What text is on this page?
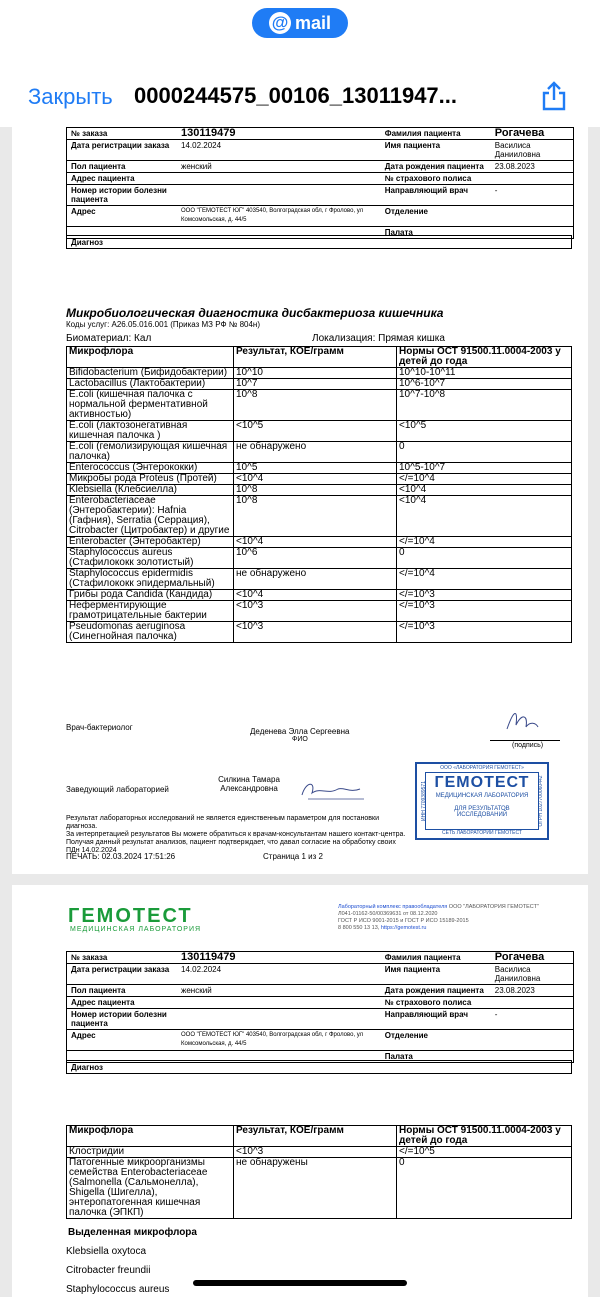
@ mail
Закрыть 0000244575_00106_13011947...
№ заказа	130119479	Фамилия пациента	Рогачева
Дата регистрации заказа	14.02.2024	Имя пациента	Василиса Данииловна
Пол пациента	женский	Дата рождения пациента	23.08.2023
Адрес пациента		№ страхового полиса	
Номер истории болезни пациента		Направляющий врач	-
Адрес	ООО "ГЕМОТЕСТ ЮГ" 403540, Волгоградская обл, г Фролово, ул Комсомольская, д. 44/5	Отделение	
		Палата	
Диагноз
Микробиологическая диагностика дисбактериоза кишечника
Коды услуг: А26.05.016.001 (Приказ МЗ РФ № 804н)
Биоматериал: Кал	Локализация: Прямая кишка
Микрофлора	Результат, КОЕ/грамм	Нормы ОСТ 91500.11.0004-2003 у детей до года
Bifidobacterium (Бифидобактерии)	10^10	10^10-10^11
Lactobacillus (Лактобактерии)	10^7	10^6-10^7
E.coli (кишечная палочка с нормальной ферментативной активностью)	10^8	10^7-10^8
E.coli (лактозонегативная кишечная палочка )	<10^5	<10^5
E.coli (гемолизирующая кишечная палочка)	не обнаружено	0
Enterococcus (Энтерококки)	10^5	10^5-10^7
Микробы рода Proteus (Протей)	<10^4	</=10^4
Klebsiella (Клебсиелла)	10^8	<10^4
Enterobacteriaceae (Энтеробактерии): Hafnia (Гафния), Serratia (Серрация), Citrobacter (Цитробактер) и другие	10^8	<10^4
Enterobacter (Энтеробактер)	<10^4	</=10^4
Staphylococcus aureus (Стафилококк золотистый)	10^6	0
Staphylococcus epidermidis (Стафилококк эпидермальный)	не обнаружено	</=10^4
Грибы рода Candida (Кандида)	<10^4	</=10^3
Неферментирующие грамотрицательные бактерии	<10^3	</=10^3
Pseudomonas aeruginosa (Синегнойная палочка)	<10^3	</=10^3
Врач-бактериолог	Деденева Элла Сергеевна
ФИО
(подпись)
Заведующий лабораторией
Силкина Тамара Александровна
Результат лабораторных исследований не является единственным параметром для постановки диагноза.
За интерпретацией результатов Вы можете обратиться к врачам-консультантам нашего контакт-центра.
Получая данный результат анализов, пациент подтверждает, что давал согласие на обработку своих ПДн 14.02.2024
ПЕЧАТЬ: 02.03.2024 17:51:26	Страница 1 из 2
ООО «ЛАБОРАТОРИЯ ГЕМОТЕСТ»
ГЕМОТЕСТ
МЕДИЦИНСКАЯ ЛАБОРАТОРИЯ
ДЛЯ РЕЗУЛЬТАТОВ ИССЛЕДОВАНИЙ
СЕТЬ ЛАБОРАТОРИЙ ГЕМОТЕСТ
ИНН 7709389571	ОГРН 1027700060442
ГЕМОТЕСТ
МЕДИЦИНСКАЯ ЛАБОРАТОРИЯ
Лабораторный комплекс правообладателя ООО "ЛАБОРАТОРИЯ ГЕМОТЕСТ"
Л041-01162-50/00369631 от 08.12.2020
ГОСТ Р ИСО 9001-2015 и ГОСТ Р ИСО 15189-2015
8 800 550 13 13, https://gemotest.ru
№ заказа	130119479	Фамилия пациента	Рогачева
Дата регистрации заказа	14.02.2024	Имя пациента	Василиса Данииловна
Пол пациента	женский	Дата рождения пациента	23.08.2023
Адрес пациента		№ страхового полиса	
Номер истории болезни пациента		Направляющий врач	-
Адрес	ООО "ГЕМОТЕСТ ЮГ" 403540, Волгоградская обл, г Фролово, ул Комсомольская, д. 44/5	Отделение	
		Палата	
Диагноз
Микрофлора	Результат, КОЕ/грамм	Нормы ОСТ 91500.11.0004-2003 у детей до года
Клостридии	<10^3	</=10^5
Патогенные микроорганизмы семейства Enterobacteriaceae (Salmonella (Сальмонелла), Shigella (Шигелла), энтеропатогенная кишечная палочка (ЭПКП)	не обнаружены	0
Выделенная микрофлора
Klebsiella oxytoca
Citrobacter freundii
Staphylococcus aureus
